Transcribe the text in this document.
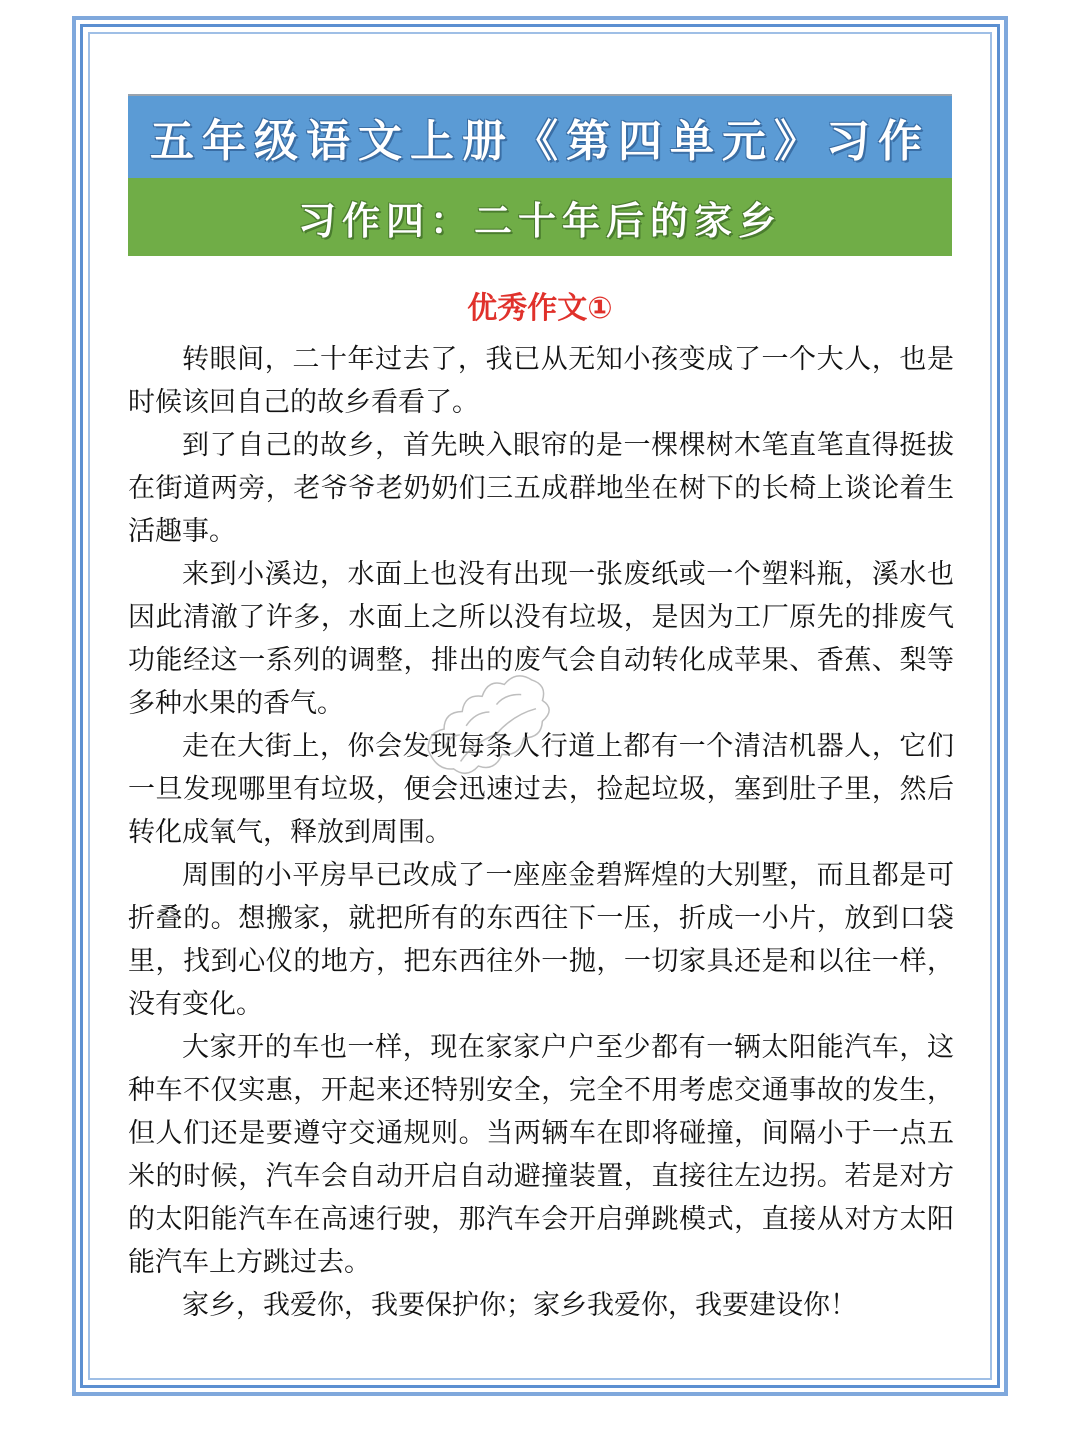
五年级语文上册《第四单元》习作
习作四：二十年后的家乡
优秀作文①

转眼间，二十年过去了，我已从无知小孩变成了一个大人，也是时候该回自己的故乡看看了。

到了自己的故乡，首先映入眼帘的是一棵棵树木笔直笔直得挺拔在街道两旁，老爷爷老奶奶们三五成群地坐在树下的长椅上谈论着生活趣事。

来到小溪边，水面上也没有出现一张废纸或一个塑料瓶，溪水也因此清澈了许多，水面上之所以没有垃圾，是因为工厂原先的排废气功能经这一系列的调整，排出的废气会自动转化成苹果、香蕉、梨等多种水果的香气。

走在大街上，你会发现每条人行道上都有一个清洁机器人，它们一旦发现哪里有垃圾，便会迅速过去，捡起垃圾，塞到肚子里，然后转化成氧气，释放到周围。

周围的小平房早已改成了一座座金碧辉煌的大别墅，而且都是可折叠的。想搬家，就把所有的东西往下一压，折成一小片，放到口袋里，找到心仪的地方，把东西往外一抛，一切家具还是和以往一样，没有变化。

大家开的车也一样，现在家家户户至少都有一辆太阳能汽车，这种车不仅实惠，开起来还特别安全，完全不用考虑交通事故的发生，但人们还是要遵守交通规则。当两辆车在即将碰撞，间隔小于一点五米的时候，汽车会自动开启自动避撞装置，直接往左边拐。若是对方的太阳能汽车在高速行驶，那汽车会开启弹跳模式，直接从对方太阳能汽车上方跳过去。

家乡，我爱你，我要保护你；家乡我爱你，我要建设你！
